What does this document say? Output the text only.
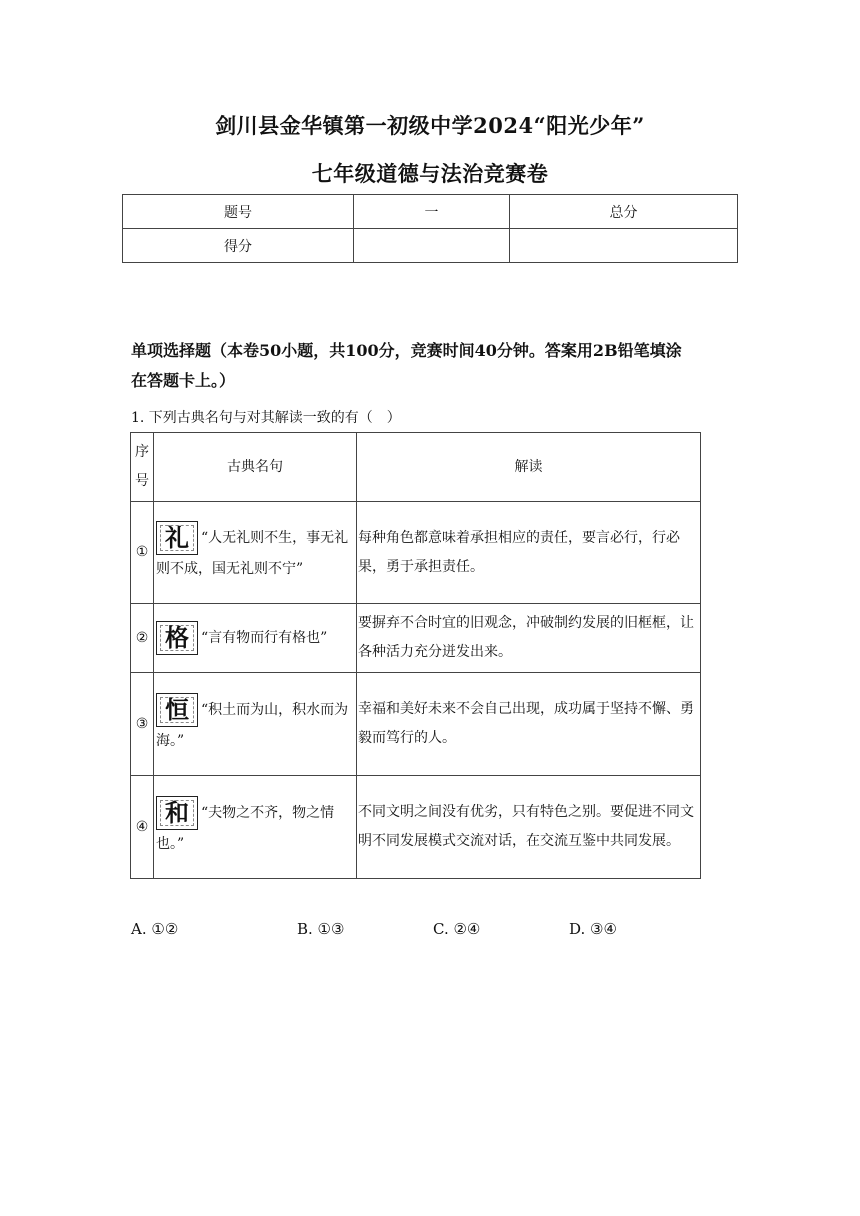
剑川县金华镇第一初级中学2024“阳光少年”
七年级道德与法治竞赛卷
题号	一	总分
得分		
单项选择题（本卷50小题，共100分，竞赛时间40分钟。答案用2B铅笔填涂
在答题卡上。）
1. 下列古典名句与对其解读一致的有（　）
序
号	古典名句	解读
①	礼 “人无礼则不生，事无礼则不成，国无礼则不宁”	每种角色都意味着承担相应的责任，要言必行，行必果，勇于承担责任。
②	格 “言有物而行有格也”	要摒弃不合时宜的旧观念，冲破制约发展的旧框框，让各种活力充分迸发出来。
③	恒 “积土而为山，积水而为海。”	幸福和美好未来不会自己出现，成功属于坚持不懈、勇毅而笃行的人。
④	和 “夫物之不齐，物之情也。”	不同文明之间没有优劣，只有特色之别。要促进不同文明不同发展模式交流对话，在交流互鉴中共同发展。
A. ①②	B. ①③	C. ②④	D. ③④
